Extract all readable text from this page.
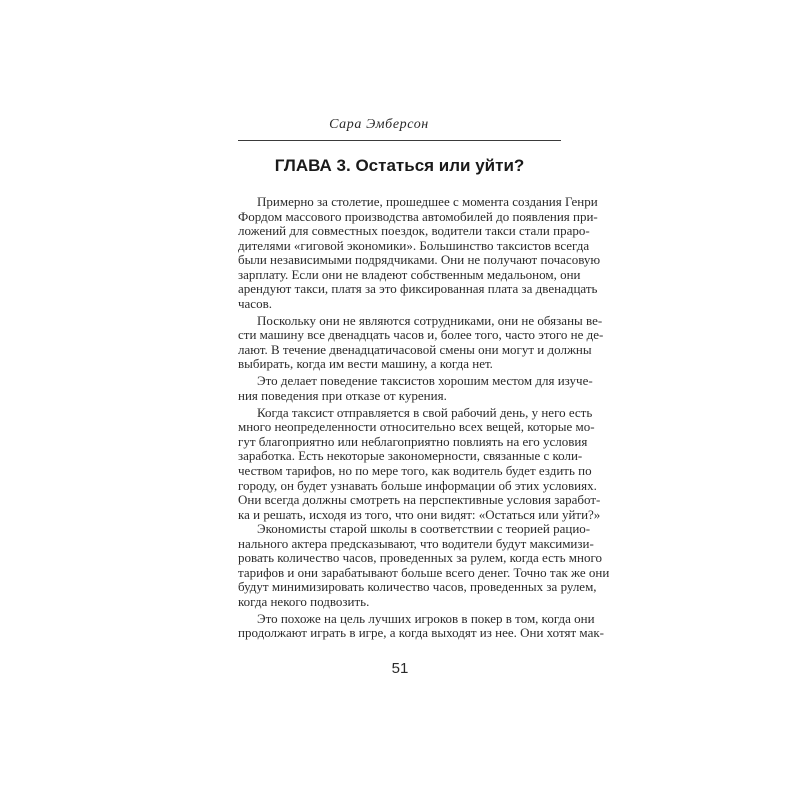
Сара Эмберсон
ГЛАВА 3. Остаться или уйти?
Примерно за столетие, прошедшее с момента создания Генри
Фордом массового производства автомобилей до появления при-
ложений для совместных поездок, водители такси стали праро-
дителями «гиговой экономики». Большинство таксистов всегда
были независимыми подрядчиками. Они не получают почасовую
зарплату. Если они не владеют собственным медальоном, они
арендуют такси, платя за это фиксированная плата за двенадцать
часов.
Поскольку они не являются сотрудниками, они не обязаны ве-
сти машину все двенадцать часов и, более того, часто этого не де-
лают. В течение двенадцатичасовой смены они могут и должны
выбирать, когда им вести машину, а когда нет.
Это делает поведение таксистов хорошим местом для изуче-
ния поведения при отказе от курения.
Когда таксист отправляется в свой рабочий день, у него есть
много неопределенности относительно всех вещей, которые мо-
гут благоприятно или неблагоприятно повлиять на его условия
заработка. Есть некоторые закономерности, связанные с коли-
чеством тарифов, но по мере того, как водитель будет ездить по
городу, он будет узнавать больше информации об этих условиях.
Они всегда должны смотреть на перспективные условия заработ-
ка и решать, исходя из того, что они видят: «Остаться или уйти?»
Экономисты старой школы в соответствии с теорией рацио-
нального актера предсказывают, что водители будут максимизи-
ровать количество часов, проведенных за рулем, когда есть много
тарифов и они зарабатывают больше всего денег. Точно так же они
будут минимизировать количество часов, проведенных за рулем,
когда некого подвозить.
Это похоже на цель лучших игроков в покер в том, когда они
продолжают играть в игре, а когда выходят из нее. Они хотят мак-
51
